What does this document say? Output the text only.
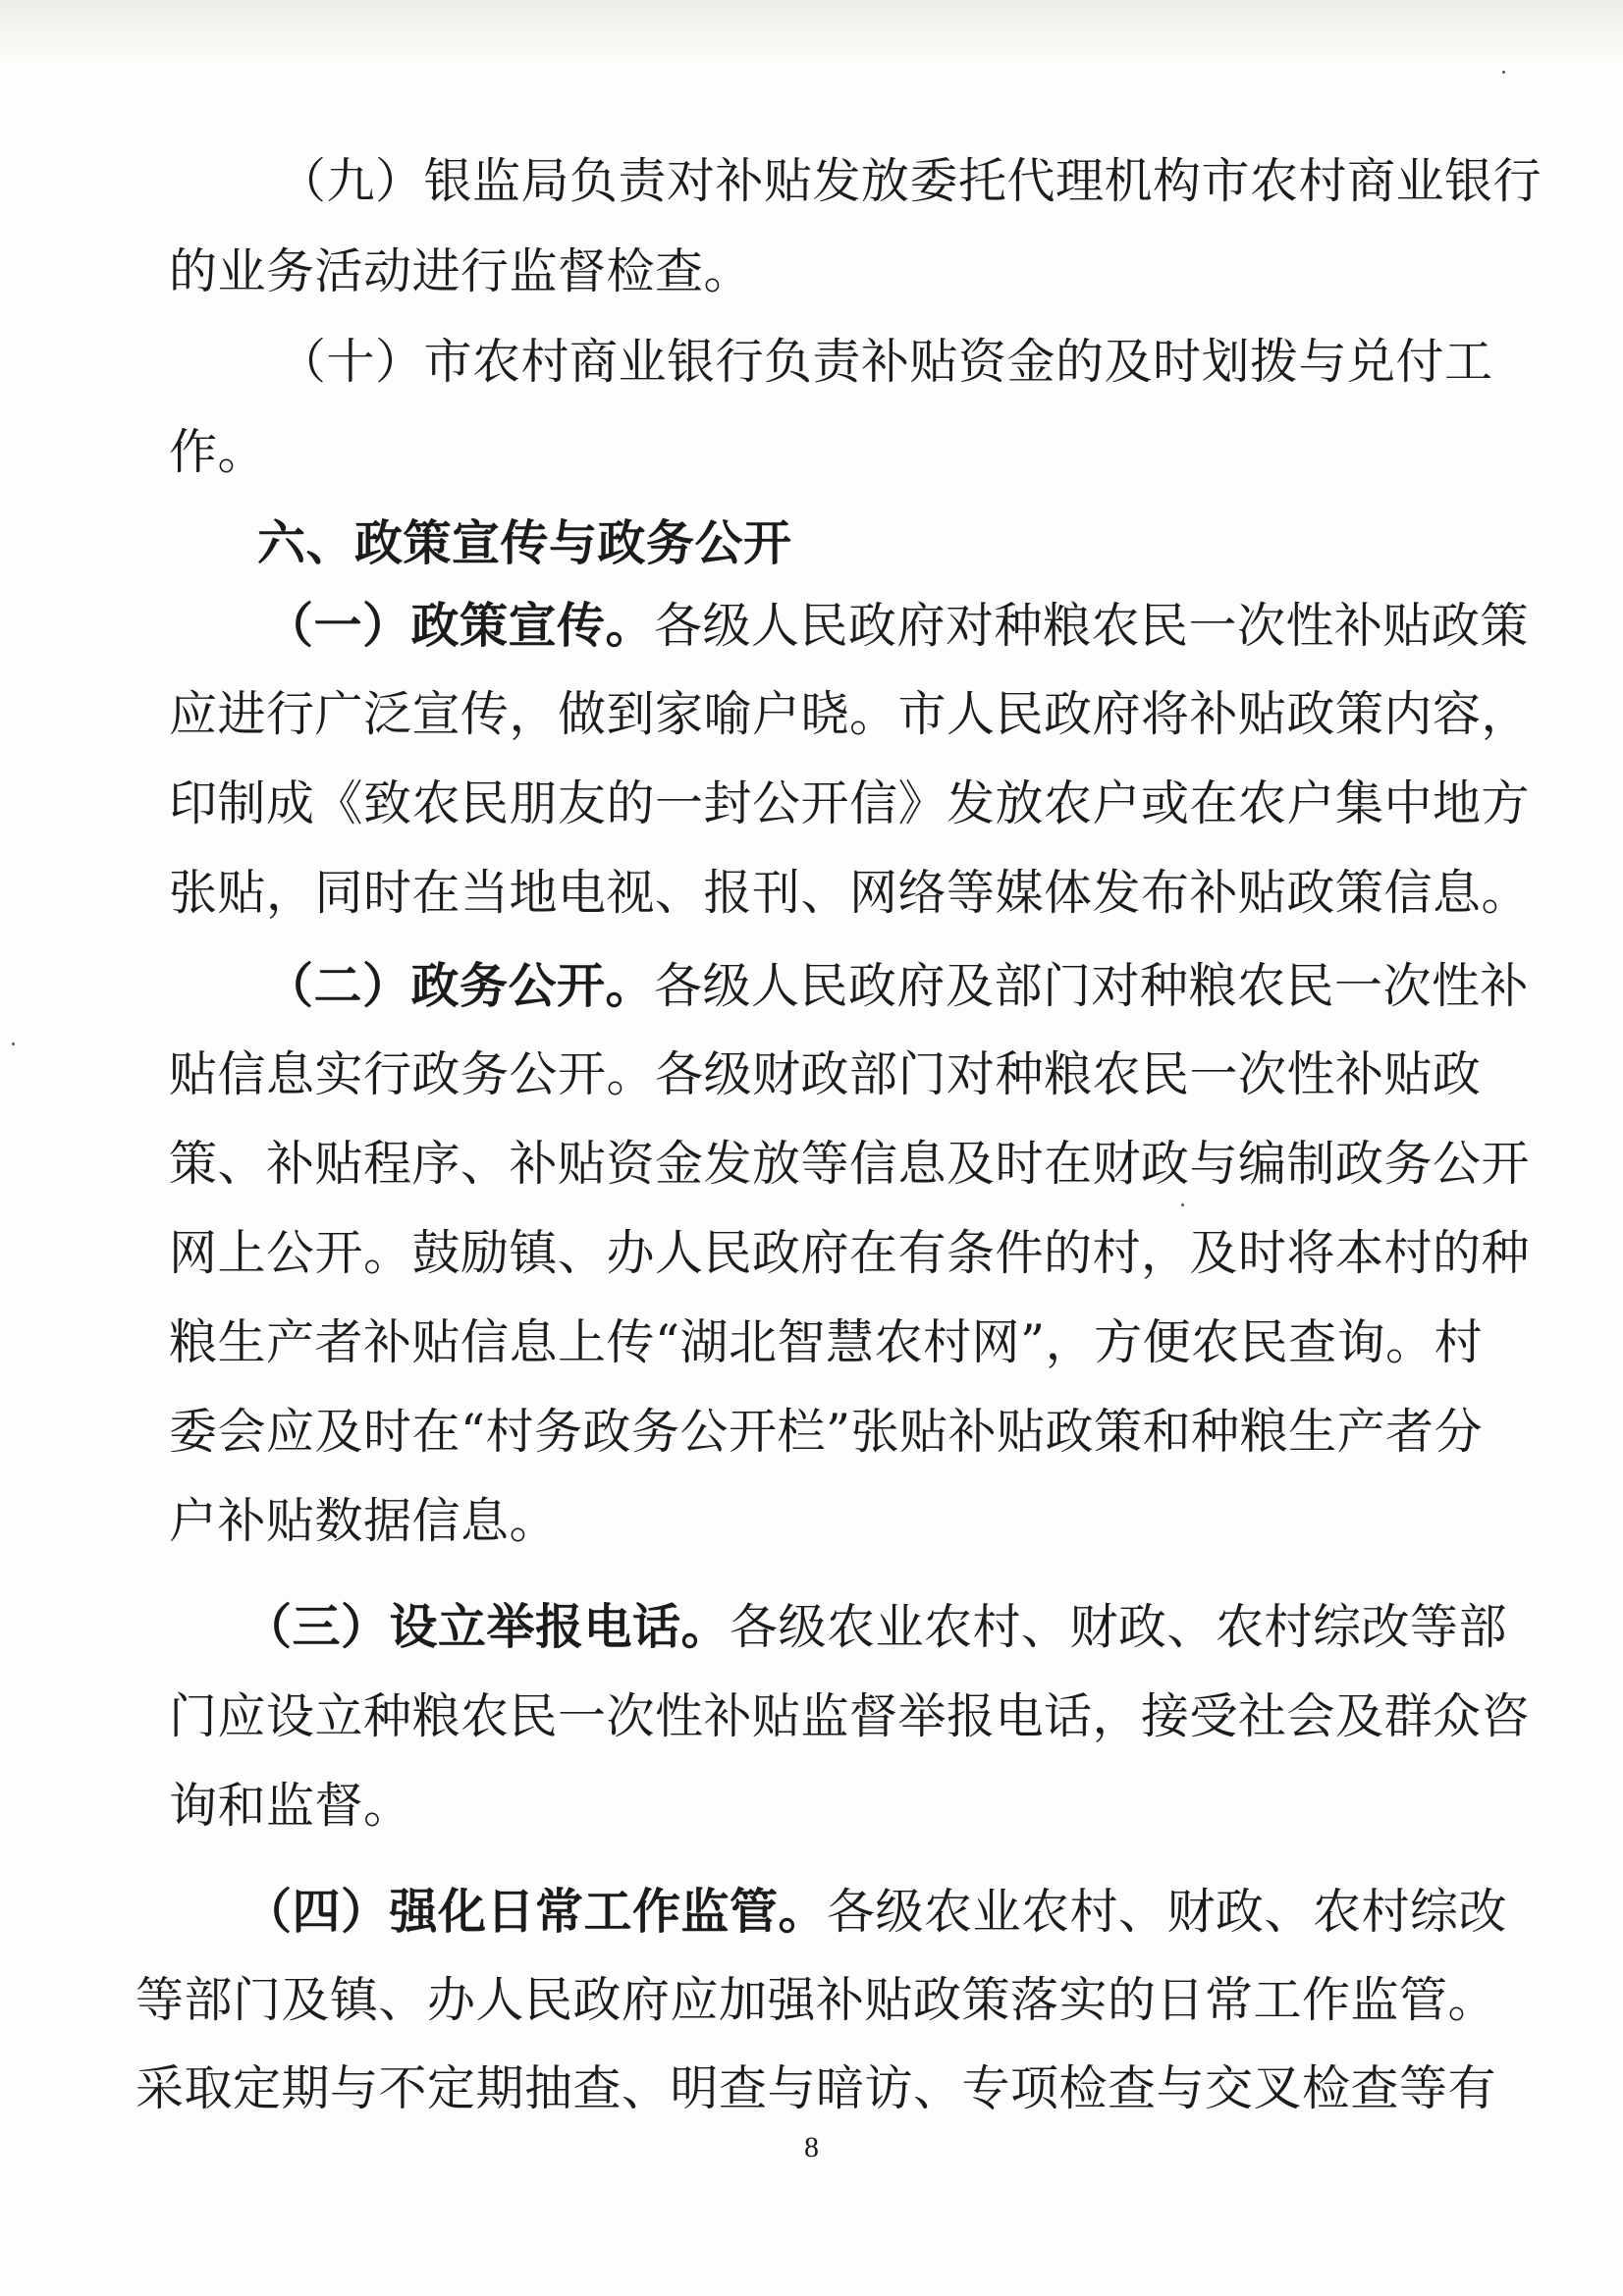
（九）银监局负责对补贴发放委托代理机构市农村商业银行
的业务活动进行监督检查。
（十）市农村商业银行负责补贴资金的及时划拨与兑付工
作。
六、政策宣传与政务公开
（一）政策宣传。各级人民政府对种粮农民一次性补贴政策
应进行广泛宣传，做到家喻户晓。市人民政府将补贴政策内容，
印制成《致农民朋友的一封公开信》发放农户或在农户集中地方
张贴，同时在当地电视、报刊、网络等媒体发布补贴政策信息。
（二）政务公开。各级人民政府及部门对种粮农民一次性补
贴信息实行政务公开。各级财政部门对种粮农民一次性补贴政
策、补贴程序、补贴资金发放等信息及时在财政与编制政务公开
网上公开。鼓励镇、办人民政府在有条件的村，及时将本村的种
粮生产者补贴信息上传“湖北智慧农村网”，方便农民查询。村
委会应及时在“村务政务公开栏”张贴补贴政策和种粮生产者分
户补贴数据信息。
（三）设立举报电话。各级农业农村、财政、农村综改等部
门应设立种粮农民一次性补贴监督举报电话，接受社会及群众咨
询和监督。
（四）强化日常工作监管。各级农业农村、财政、农村综改
等部门及镇、办人民政府应加强补贴政策落实的日常工作监管。
采取定期与不定期抽查、明查与暗访、专项检查与交叉检查等有
8
